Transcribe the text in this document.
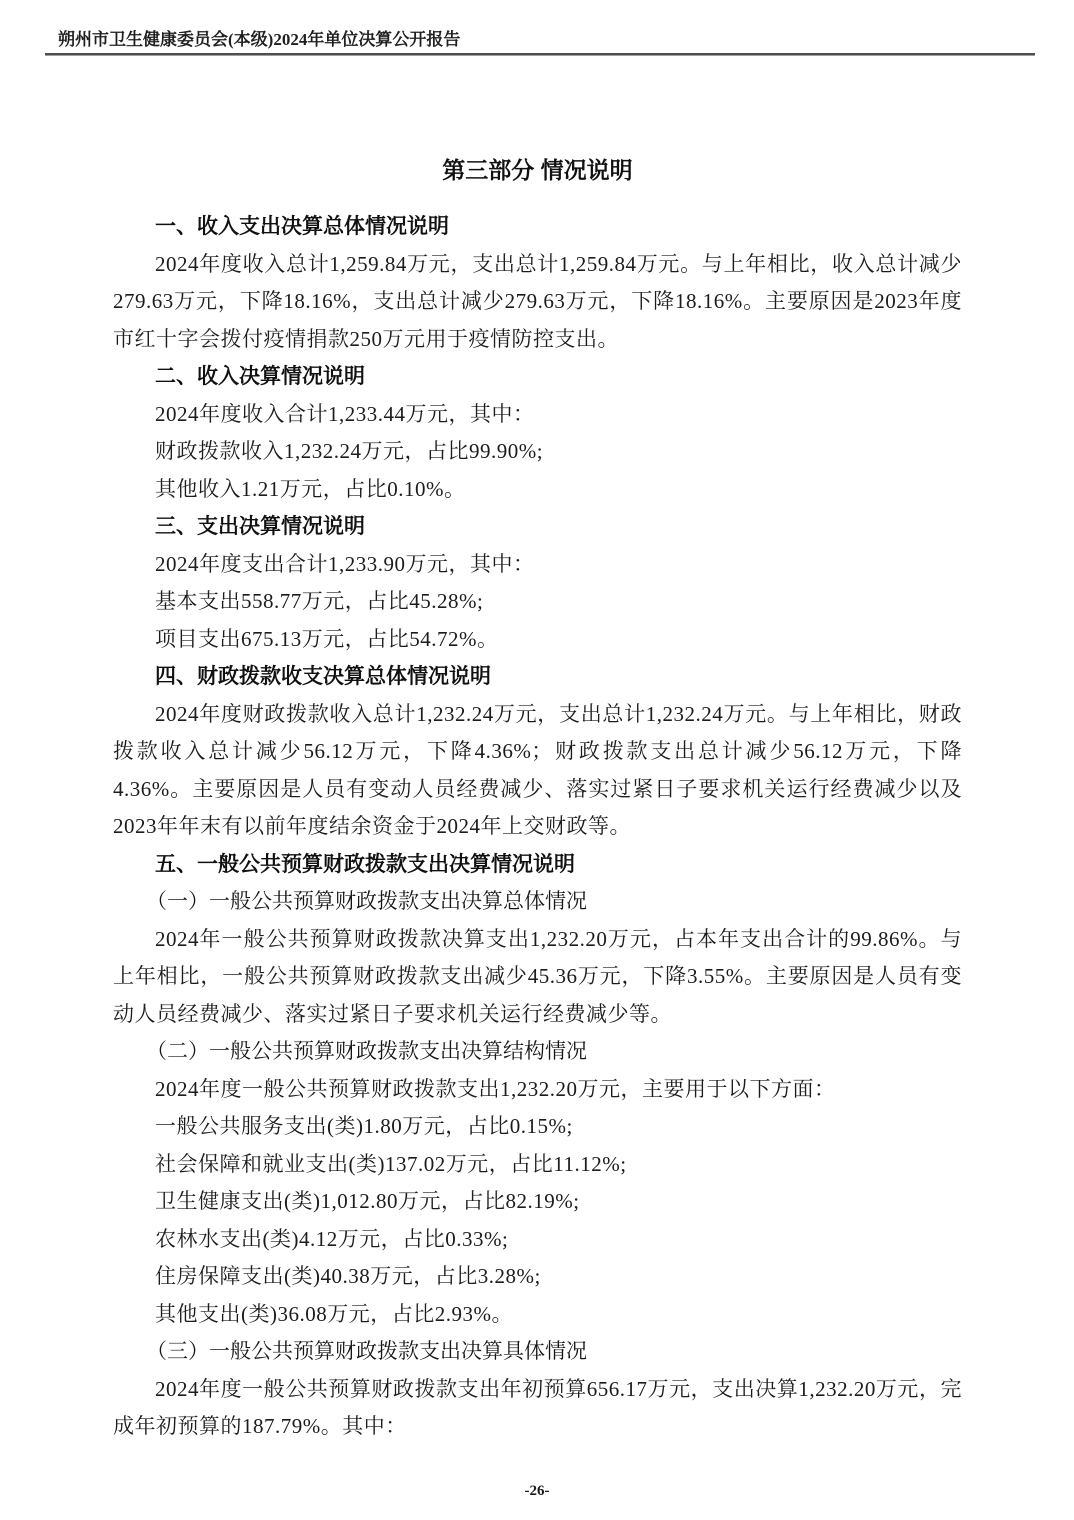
朔州市卫生健康委员会(本级)2024年单位决算公开报告
第三部分 情况说明

一、收入支出决算总体情况说明

2024年度收入总计1,259.84万元，支出总计1,259.84万元。与上年相比，收入总计减少279.63万元，下降18.16%，支出总计减少279.63万元，下降18.16%。主要原因是2023年度市红十字会拨付疫情捐款250万元用于疫情防控支出。

二、收入决算情况说明

2024年度收入合计1,233.44万元，其中：

财政拨款收入1,232.24万元，占比99.90%;

其他收入1.21万元，占比0.10%。

三、支出决算情况说明

2024年度支出合计1,233.90万元，其中：

基本支出558.77万元，占比45.28%;

项目支出675.13万元，占比54.72%。

四、财政拨款收支决算总体情况说明

2024年度财政拨款收入总计1,232.24万元，支出总计1,232.24万元。与上年相比，财政拨款收入总计减少56.12万元，下降4.36%；财政拨款支出总计减少56.12万元，下降4.36%。主要原因是人员有变动人员经费减少、落实过紧日子要求机关运行经费减少以及2023年年末有以前年度结余资金于2024年上交财政等。

五、一般公共预算财政拨款支出决算情况说明

（一）一般公共预算财政拨款支出决算总体情况

2024年一般公共预算财政拨款决算支出1,232.20万元，占本年支出合计的99.86%。与上年相比，一般公共预算财政拨款支出减少45.36万元，下降3.55%。主要原因是人员有变动人员经费减少、落实过紧日子要求机关运行经费减少等。

（二）一般公共预算财政拨款支出决算结构情况

2024年度一般公共预算财政拨款支出1,232.20万元，主要用于以下方面：

一般公共服务支出(类)1.80万元，占比0.15%;

社会保障和就业支出(类)137.02万元，占比11.12%;

卫生健康支出(类)1,012.80万元，占比82.19%;

农林水支出(类)4.12万元，占比0.33%;

住房保障支出(类)40.38万元，占比3.28%;

其他支出(类)36.08万元，占比2.93%。

（三）一般公共预算财政拨款支出决算具体情况

2024年度一般公共预算财政拨款支出年初预算656.17万元，支出决算1,232.20万元，完成年初预算的187.79%。其中：

-26-
